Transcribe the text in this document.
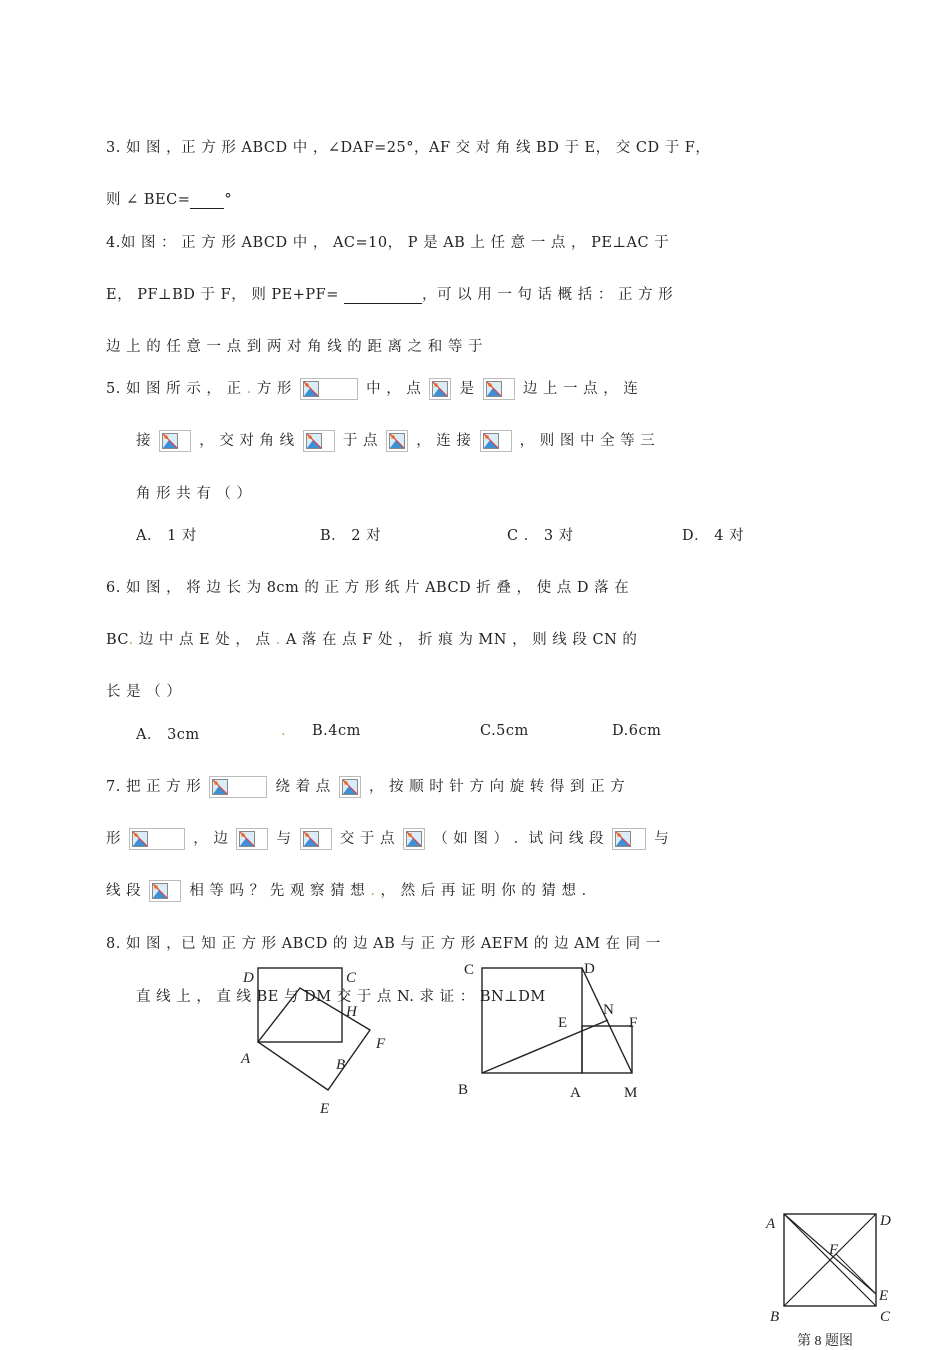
3. 如 图 ，正 方 形 ABCD 中 ，∠DAF=25°，AF 交 对 角 线 BD 于 E， 交 CD 于 F，
则 ∠ BEC= °
4.如 图 ： 正 方 形 ABCD 中 ， AC=10， P 是 AB 上 任 意 一 点 ， PE⊥AC 于
E， PF⊥BD 于 F， 则 PE+PF=	，可 以 用 一 句 话 概 括 ： 正 方 形
边 上 的 任 意 一 点 到 两 对 角 线 的 距 离 之 和 等 于
5. 如 图 所 示 ， 正 . 方 形	中 ， 点	是	边 上 一 点 ， 连
接	， 交 对 角 线	于 点	， 连 接	， 则 图 中 全 等 三
角 形 共 有 （ ）
A． 1 对	B． 2 对	C ． 3 对	D． 4 对
6. 如 图 ， 将 边 长 为 8cm 的 正 方 形 纸 片 ABCD 折 叠 ， 使 点 D 落 在
BC. 边 中 点 E 处 ， 点 . A 落 在 点 F 处 ， 折 痕 为 MN ， 则 线 段 CN 的
长 是 （ ）
A． 3cm	. B.4cm	C.5cm	D.6cm
7. 把 正 方 形	绕 着 点	， 按 顺 时 针 方 向 旋 转 得 到 正 方
形	， 边	与	交 于 点	（ 如 图 ） ．试 问 线 段	与
线 段	相 等 吗 ？ 先 观 察 猜 想 . ， 然 后 再 证 明 你 的 猜 想 ．
8. 如 图 ，已 知 正 方 形 ABCD 的 边 AB 与 正 方 形 AEFM 的 边 AM 在 同 一
直 线 上 ， 直 线 BE 与 DM 交 于 点 N. 求 证 ： BN⊥DM
D	C
H
A	B
F
E
C	D
E
N
F
B	A	M
A	D
F
E
B	C
第 8 题图
